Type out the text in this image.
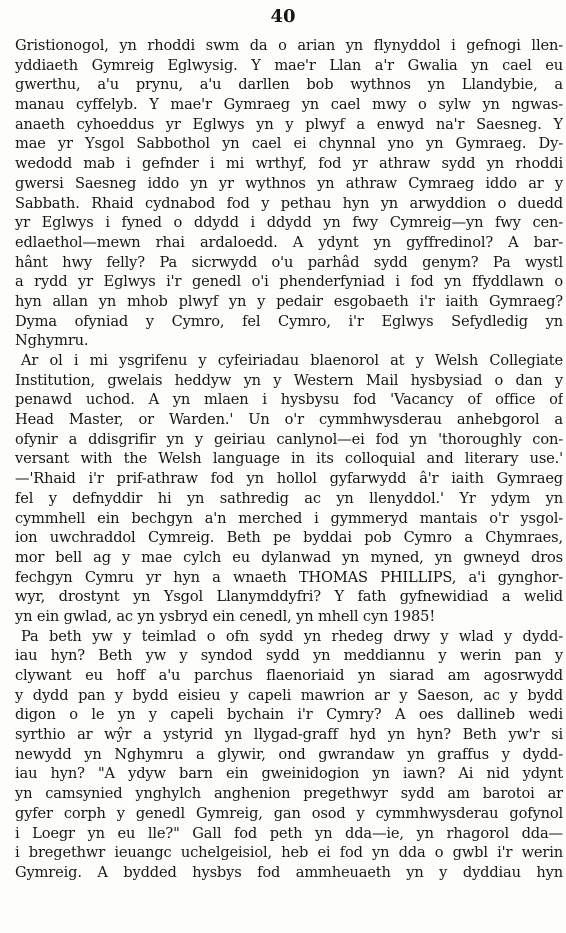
40
Gristionogol, yn rhoddi swm da o arian yn flynyddol i gefnogi llen-
yddiaeth Gymreig Eglwysig. Y mae'r Llan a'r Gwalia yn cael eu
gwerthu, a'u prynu, a'u darllen bob wythnos yn Llandybie, a
manau cyffelyb. Y mae'r Gymraeg yn cael mwy o sylw yn ngwas-
anaeth cyhoeddus yr Eglwys yn y plwyf a enwyd na'r Saesneg. Y
mae yr Ysgol Sabbothol yn cael ei chynnal yno yn Gymraeg. Dy-
wedodd mab i gefnder i mi wrthyf, fod yr athraw sydd yn rhoddi
gwersi Saesneg iddo yn yr wythnos yn athraw Cymraeg iddo ar y
Sabbath. Rhaid cydnabod fod y pethau hyn yn arwyddion o duedd
yr Eglwys i fyned o ddydd i ddydd yn fwy Cymreig—yn fwy cen-
edlaethol—mewn rhai ardaloedd. A ydynt yn gyffredinol? A bar-
hânt hwy felly? Pa sicrwydd o'u parhâd sydd genym? Pa wystl
a rydd yr Eglwys i'r genedl o'i phenderfyniad i fod yn ffyddlawn o
hyn allan yn mhob plwyf yn y pedair esgobaeth i'r iaith Gymraeg?
Dyma ofyniad y Cymro, fel Cymro, i'r Eglwys Sefydledig yn
Nghymru.
Ar ol i mi ysgrifenu y cyfeiriadau blaenorol at y Welsh Collegiate
Institution, gwelais heddyw yn y Western Mail hysbysiad o dan y
penawd uchod. A yn mlaen i hysbysu fod 'Vacancy of office of
Head Master, or Warden.' Un o'r cymmhwysderau anhebgorol a
ofynir a ddisgrifir yn y geiriau canlynol—ei fod yn 'thoroughly con-
versant with the Welsh language in its colloquial and literary use.'
—'Rhaid i'r prif-athraw fod yn hollol gyfarwydd â'r iaith Gymraeg
fel y defnyddir hi yn sathredig ac yn llenyddol.' Yr ydym yn
cymmhell ein bechgyn a'n merched i gymmeryd mantais o'r ysgol-
ion uwchraddol Cymreig. Beth pe byddai pob Cymro a Chymraes,
mor bell ag y mae cylch eu dylanwad yn myned, yn gwneyd dros
fechgyn Cymru yr hyn a wnaeth THOMAS PHILLIPS, a'i gynghor-
wyr, drostynt yn Ysgol Llanymddyfri? Y fath gyfnewidiad a welid
yn ein gwlad, ac yn ysbryd ein cenedl, yn mhell cyn 1985!
Pa beth yw y teimlad o ofn sydd yn rhedeg drwy y wlad y dydd-
iau hyn? Beth yw y syndod sydd yn meddiannu y werin pan y
clywant eu hoff a'u parchus flaenoriaid yn siarad am agosrwydd
y dydd pan y bydd eisieu y capeli mawrion ar y Saeson, ac y bydd
digon o le yn y capeli bychain i'r Cymry? A oes dallineb wedi
syrthio ar wŷr a ystyrid yn llygad-graff hyd yn hyn? Beth yw'r si
newydd yn Nghymru a glywir, ond gwrandaw yn graffus y dydd-
iau hyn? "A ydyw barn ein gweinidogion yn iawn? Ai nid ydynt
yn camsynied ynghylch anghenion pregethwyr sydd am barotoi ar
gyfer corph y genedl Gymreig, gan osod y cymmhwysderau gofynol
i Loegr yn eu lle?" Gall fod peth yn dda—ie, yn rhagorol dda—
i bregethwr ieuangc uchelgeisiol, heb ei fod yn dda o gwbl i'r werin
Gymreig. A bydded hysbys fod ammheuaeth yn y dyddiau hyn
